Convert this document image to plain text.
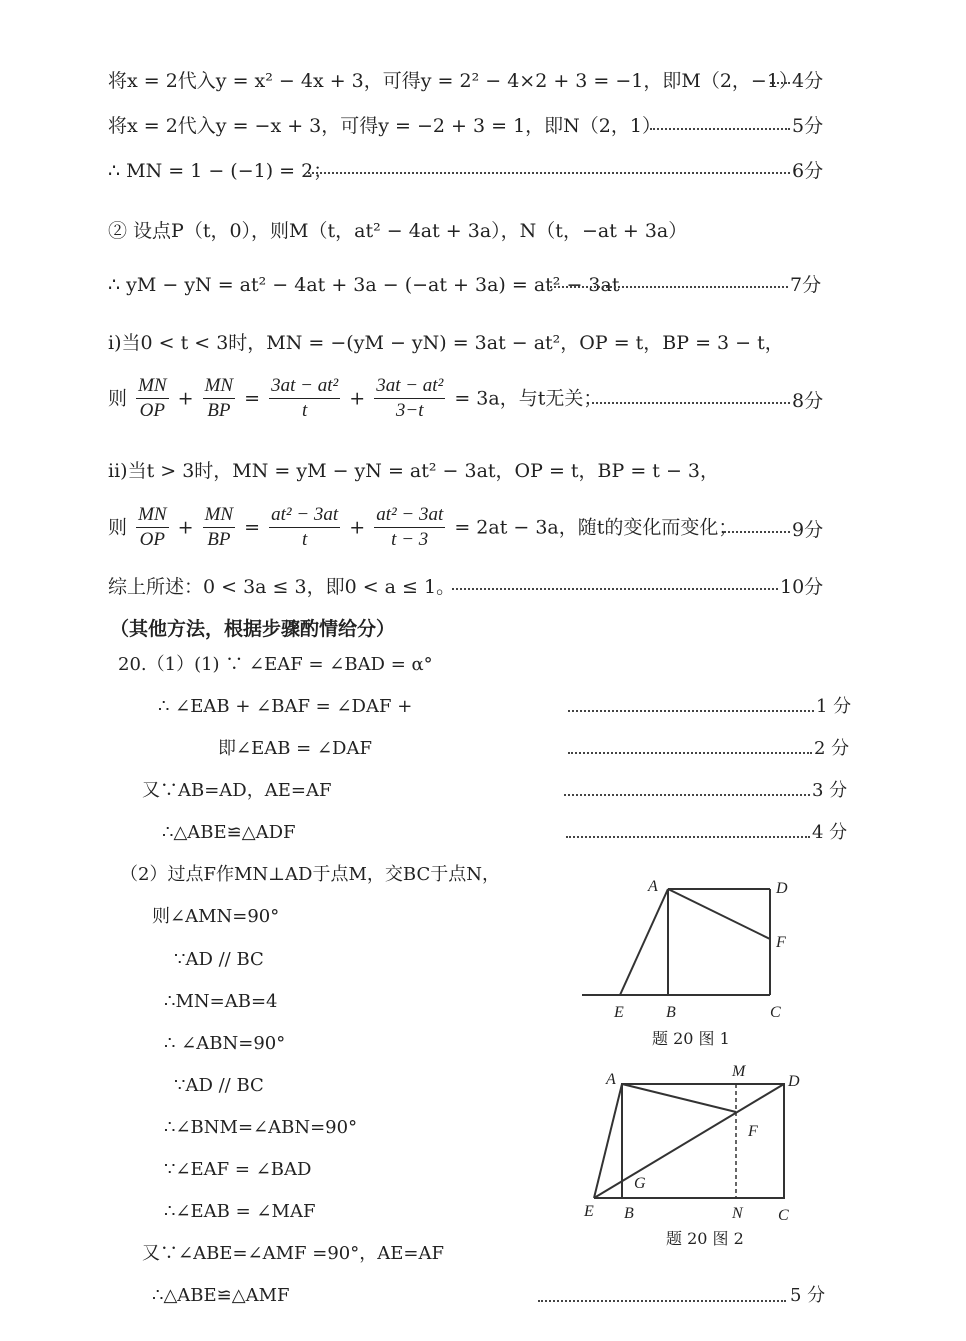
将x = 2代入y = x² − 4x + 3，可得y = 2² − 4×2 + 3 = −1，即M（2，−1）
4分
将x = 2代入y = −x + 3，可得y = −2 + 3 = 1，即N（2，1）	5分
∴ MN = 1 − (−1) = 2；	6分
② 设点P（t，0），则M（t，at² − 4at + 3a），N（t，−at + 3a）
∴ yM − yN = at² − 4at + 3a − (−at + 3a) = at² − 3at	7分
i)当0 < t < 3时，MN = −(yM − yN) = 3at − at²，OP = t，BP = 3 − t，
则 $\frac{MN}{OP} + \frac{MN}{BP} = \frac{\text{3at − at²}}{t} + \frac{\text{3at − at²}}{3-t} = 3a$，与t无关；	8分
ii)当t > 3时，MN = yM − yN = at² − 3at，OP = t，BP = t − 3，
则 $\frac{MN}{OP} + \frac{MN}{BP} = \frac{\text{at² − 3at}}{t} + \frac{\text{at² − 3at}}{t - 3} = 2at - 3a$，随t的变化而变化；	9分
综上所述：0 < 3a ≤ 3，即0 < a ≤ 1。	10分
（其他方法，根据步骤酌情给分）
20.（1）(1) ∵ ∠EAF = ∠BAD = α°
∴ ∠EAB + ∠BAF = ∠DAF +	1 分
即∠EAB = ∠DAF	2 分
又∵AB=AD，AE=AF	3 分
∴△ABE≌△ADF	4 分
（2）过点F作MN⊥AD于点M，交BC于点N，
则∠AMN=90°
∵AD // BC
∴MN=AB=4
∴ ∠ABN=90°
∵AD // BC
∴∠BNM=∠ABN=90°
∵∠EAF = ∠BAD
∴∠EAB = ∠MAF
又∵∠ABE=∠AMF =90°，AE=AF
∴△ABE≌△AMF	5 分
A	D
F
E	B	C
题 20 图 1
A	M
D
F
G
E B	N C
题 20 图 2
